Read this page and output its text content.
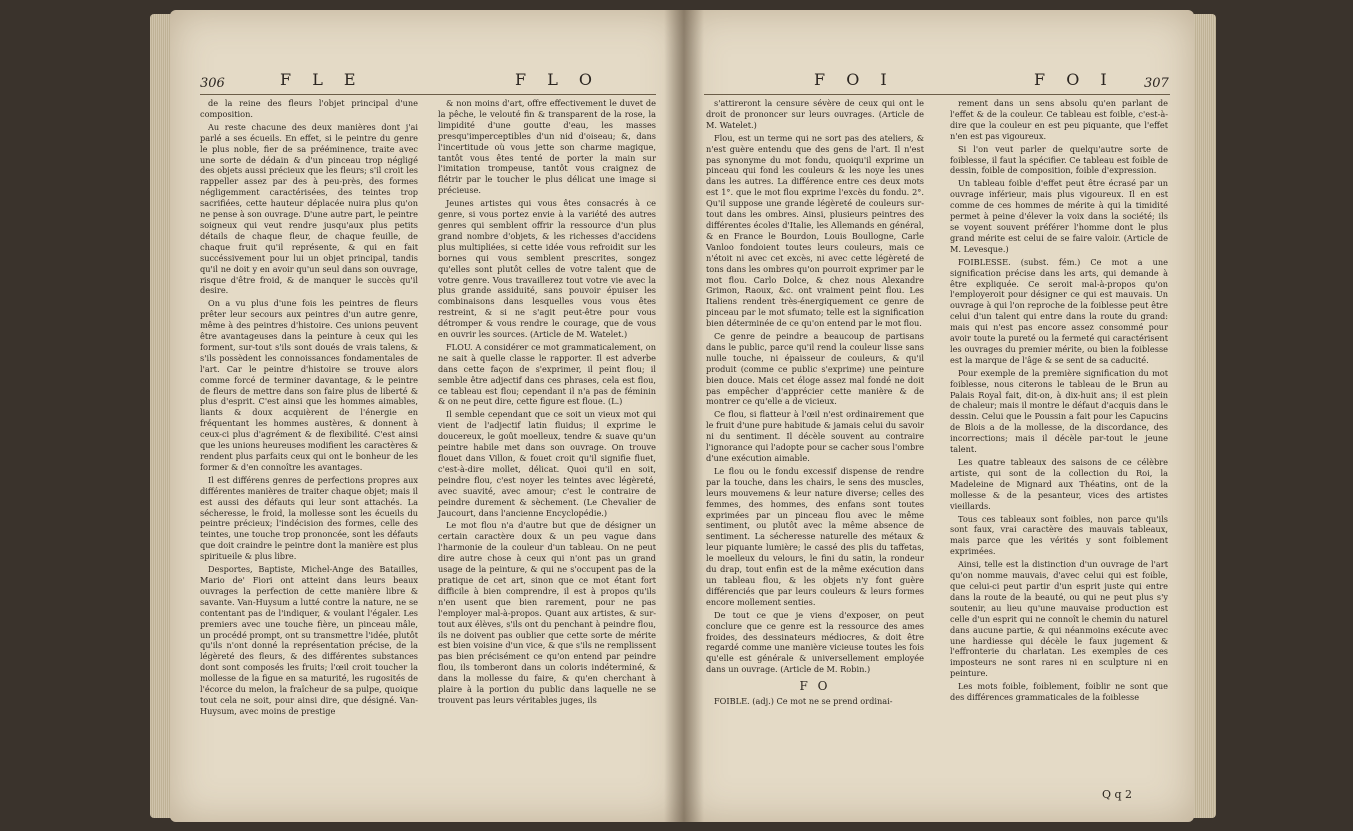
306	F L E	F L O

de la reine des fleurs l'objet principal d'une composition.

Au reste chacune des deux manières dont j'ai parlé a ses écueils. En effet, si le peintre du genre le plus noble, fier de sa prééminence, traite avec une sorte de dédain & d'un pinceau trop négligé des objets aussi précieux que les fleurs; s'il croit les rappeller assez par des à peu-près, des formes négligemment caractérisées, des teintes trop sacrifiées, cette hauteur déplacée nuira plus qu'on ne pense à son ouvrage. D'une autre part, le peintre soigneux qui veut rendre jusqu'aux plus petits détails de chaque fleur, de chaque feuille, de chaque fruit qu'il représente, & qui en fait succéssivement pour lui un objet principal, tandis qu'il ne doit y en avoir qu'un seul dans son ouvrage, risque d'être froid, & de manquer le succès qu'il desire.

On a vu plus d'une fois les peintres de fleurs prêter leur secours aux peintres d'un autre genre, même à des peintres d'histoire. Ces unions peuvent être avantageuses dans la peinture à ceux qui les forment, sur-tout s'ils sont doués de vrais talens, & s'ils possèdent les connoissances fondamentales de l'art. Car le peintre d'histoire se trouve alors comme forcé de terminer davantage, & le peintre de fleurs de mettre dans son faire plus de liberté & plus d'esprit. C'est ainsi que les hommes aimables, liants & doux acquièrent de l'énergie en fréquentant les hommes austères, & donnent à ceux-ci plus d'agrément & de flexibilité. C'est ainsi que les unions heureuses modifient les caractères & rendent plus parfaits ceux qui ont le bonheur de les former & d'en connoître les avantages.

Il est différens genres de perfections propres aux différentes manières de traiter chaque objet; mais il est aussi des défauts qui leur sont attachés. La sécheresse, le froid, la mollesse sont les écueils du peintre précieux; l'indécision des formes, celle des teintes, une touche trop prononcée, sont les défauts que doit craindre le peintre dont la manière est plus spiritueile & plus libre.

Desportes, Baptiste, Michel-Ange des Batailles, Mario de' Fiori ont atteint dans leurs beaux ouvrages la perfection de cette manière libre & savante. Van-Huysum a lutté contre la nature, ne se contentant pas de l'indiquer, & voulant l'égaler. Les premiers avec une touche fière, un pinceau mâle, un procédé prompt, ont su transmettre l'idée, plutôt qu'ils n'ont donné la représentation précise, de la légèreté des fleurs, & des différentes substances dont sont composés les fruits; l'œil croit toucher la mollesse de la figue en sa maturité, les rugosités de l'écorce du melon, la fraîcheur de sa pulpe, quoique tout cela ne soit, pour ainsi dire, que désigné. Van-Huysum, avec moins de prestige

& non moins d'art, offre effectivement le duvet de la pêche, le velouté fin & transparent de la rose, la limpidité d'une goutte d'eau, les masses presqu'imperceptibles d'un nid d'oiseau; &, dans l'incertitude où vous jette son charme magique, tantôt vous êtes tenté de porter la main sur l'imitation trompeuse, tantôt vous craignez de flétrir par le toucher le plus délicat une image si précieuse.

Jeunes artistes qui vous êtes consacrés à ce genre, si vous portez envie à la variété des autres genres qui semblent offrir la ressource d'un plus grand nombre d'objets, & les richesses d'accidens plus multipliées, si cette idée vous refroidit sur les bornes qui vous semblent prescrites, songez qu'elles sont plutôt celles de votre talent que de votre genre. Vous travaillerez tout votre vie avec la plus grande assiduité, sans pouvoir épuiser les combinaisons dans lesquelles vous vous êtes restreint, & si ne s'agit peut-être pour vous détromper & vous rendre le courage, que de vous en ouvrir les sources. (Article de M. Watelet.)

FLOU. A considérer ce mot grammaticalement, on ne sait à quelle classe le rapporter. Il est adverbe dans cette façon de s'exprimer, il peint flou; il semble être adjectif dans ces phrases, cela est flou, ce tableau est flou; cependant il n'a pas de féminin & on ne peut dire, cette figure est floue. (L.)

Il semble cependant que ce soit un vieux mot qui vient de l'adjectif latin fluidus; il exprime le doucereux, le goût moelleux, tendre & suave qu'un peintre habile met dans son ouvrage. On trouve flouet dans Villon, & fouet croit qu'il signifie fluet, c'est-à-dire mollet, délicat. Quoi qu'il en soit, peindre flou, c'est noyer les teintes avec légèreté, avec suavité, avec amour; c'est le contraire de peindre durement & sèchement. (Le Chevalier de Jaucourt, dans l'ancienne Encyclopédie.)

Le mot flou n'a d'autre but que de désigner un certain caractère doux & un peu vague dans l'harmonie de la couleur d'un tableau. On ne peut dire autre chose à ceux qui n'ont pas un grand usage de la peinture, & qui ne s'occupent pas de la pratique de cet art, sinon que ce mot étant fort difficile à bien comprendre, il est à propos qu'ils n'en usent que bien rarement, pour ne pas l'employer mal-à-propos. Quant aux artistes, & sur-tout aux élèves, s'ils ont du penchant à peindre flou, ils ne doivent pas oublier que cette sorte de mérite est bien voisine d'un vice, & que s'ils ne remplissent pas bien précisément ce qu'on entend par peindre flou, ils tomberont dans un coloris indéterminé, & dans la mollesse du faire, & qu'en cherchant à plaire à la portion du public dans laquelle ne se trouvent pas leurs véritables juges, ils

F O I	F O I 307

s'attireront la censure sévère de ceux qui ont le droit de prononcer sur leurs ouvrages. (Article de M. Watelet.)

Flou, est un terme qui ne sort pas des ateliers, & n'est guère entendu que des gens de l'art. Il n'est pas synonyme du mot fondu, quoiqu'il exprime un pinceau qui fond les couleurs & les noye les unes dans les autres. La différence entre ces deux mots est 1°. que le mot flou exprime l'excès du fondu. 2°. Qu'il suppose une grande légèreté de couleurs sur-tout dans les ombres. Ainsi, plusieurs peintres des différentes écoles d'Italie, les Allemands en général, & en France le Bourdon, Louis Boullogne, Carle Vanloo fondoient toutes leurs couleurs, mais ce n'étoit ni avec cet excès, ni avec cette légèreté de tons dans les ombres qu'on pourroit exprimer par le mot flou. Carlo Dolce, & chez nous Alexandre Grimon, Raoux, &c. ont vraiment peint flou. Les Italiens rendent très-énergiquement ce genre de pinceau par le mot sfumato; telle est la signification bien déterminée de ce qu'on entend par le mot flou.

Ce genre de peindre a beaucoup de partisans dans le public, parce qu'il rend la couleur lisse sans nulle touche, ni épaisseur de couleurs, & qu'il produit (comme ce public s'exprime) une peinture bien douce. Mais cet éloge assez mal fondé ne doit pas empêcher d'apprécier cette manière & de montrer ce qu'elle a de vicieux.

Ce flou, si flatteur à l'œil n'est ordinairement que le fruit d'une pure habitude & jamais celui du savoir ni du sentiment. Il décèle souvent au contraire l'ignorance qui l'adopte pour se cacher sous l'ombre d'une exécution aimable.

Le flou ou le fondu excessif dispense de rendre par la touche, dans les chairs, le sens des muscles, leurs mouvemens & leur nature diverse; celles des femmes, des hommes, des enfans sont toutes exprimées par un pinceau flou avec le même sentiment, ou plutôt avec la même absence de sentiment. La sécheresse naturelle des métaux & leur piquante lumière; le cassé des plis du taffetas, le moelleux du velours, le fini du satin, la rondeur du drap, tout enfin est de la même exécution dans un tableau flou, & les objets n'y font guère différenciés que par leurs couleurs & leurs formes encore mollement senties.

De tout ce que je viens d'exposer, on peut conclure que ce genre est la ressource des ames froides, des dessinateurs médiocres, & doit être regardé comme une manière vicieuse toutes les fois qu'elle est générale & universellement employée dans un ouvrage. (Article de M. Robin.)

F O

FOIBLE. (adj.) Ce mot ne se prend ordinai-

rement dans un sens absolu qu'en parlant de l'effet & de la couleur. Ce tableau est foible, c'est-à-dire que la couleur en est peu piquante, que l'effet n'en est pas vigoureux.

Si l'on veut parler de quelqu'autre sorte de foiblesse, il faut la spécifier. Ce tableau est foible de dessin, foible de composition, foible d'expression.

Un tableau foible d'effet peut être écrasé par un ouvrage inférieur, mais plus vigoureux. Il en est comme de ces hommes de mérite à qui la timidité permet à peine d'élever la voix dans la société; ils se voyent souvent préférer l'homme dont le plus grand mérite est celui de se faire valoir. (Article de M. Levesque.)

FOIBLESSE. (subst. fém.) Ce mot a une signification précise dans les arts, qui demande à être expliquée. Ce seroit mal-à-propos qu'on l'employeroit pour désigner ce qui est mauvais. Un ouvrage à qui l'on reproche de la foiblesse peut être celui d'un talent qui entre dans la route du grand: mais qui n'est pas encore assez consommé pour avoir toute la pureté ou la fermeté qui caractérisent les ouvrages du premier mérite, ou bien la foiblesse est la marque de l'âge & se sent de sa caducité.

Pour exemple de la première signification du mot foiblesse, nous citerons le tableau de le Brun au Palais Royal fait, dit-on, à dix-huit ans; il est plein de chaleur; mais il montre le défaut d'acquis dans le dessin. Celui que le Poussin a fait pour les Capucins de Blois a de la mollesse, de la discordance, des incorrections; mais il décèle par-tout le jeune talent.

Les quatre tableaux des saisons de ce célèbre artiste, qui sont de la collection du Roi, la Madeleine de Mignard aux Théatins, ont de la mollesse & de la pesanteur, vices des artistes vieillards.

Tous ces tableaux sont foibles, non parce qu'ils sont faux, vrai caractère des mauvais tableaux, mais parce que les vérités y sont foiblement exprimées.

Ainsi, telle est la distinction d'un ouvrage de l'art qu'on nomme mauvais, d'avec celui qui est foible, que celui-ci peut partir d'un esprit juste qui entre dans la route de la beauté, ou qui ne peut plus s'y soutenir, au lieu qu'une mauvaise production est celle d'un esprit qui ne connoît le chemin du naturel dans aucune partie, & qui néanmoins exécute avec une hardiesse qui décèle le faux jugement & l'effronterie du charlatan. Les exemples de ces imposteurs ne sont rares ni en sculpture ni en peinture.

Les mots foible, foiblement, foiblir ne sont que des différences grammaticales de la foiblesse

Q q 2
